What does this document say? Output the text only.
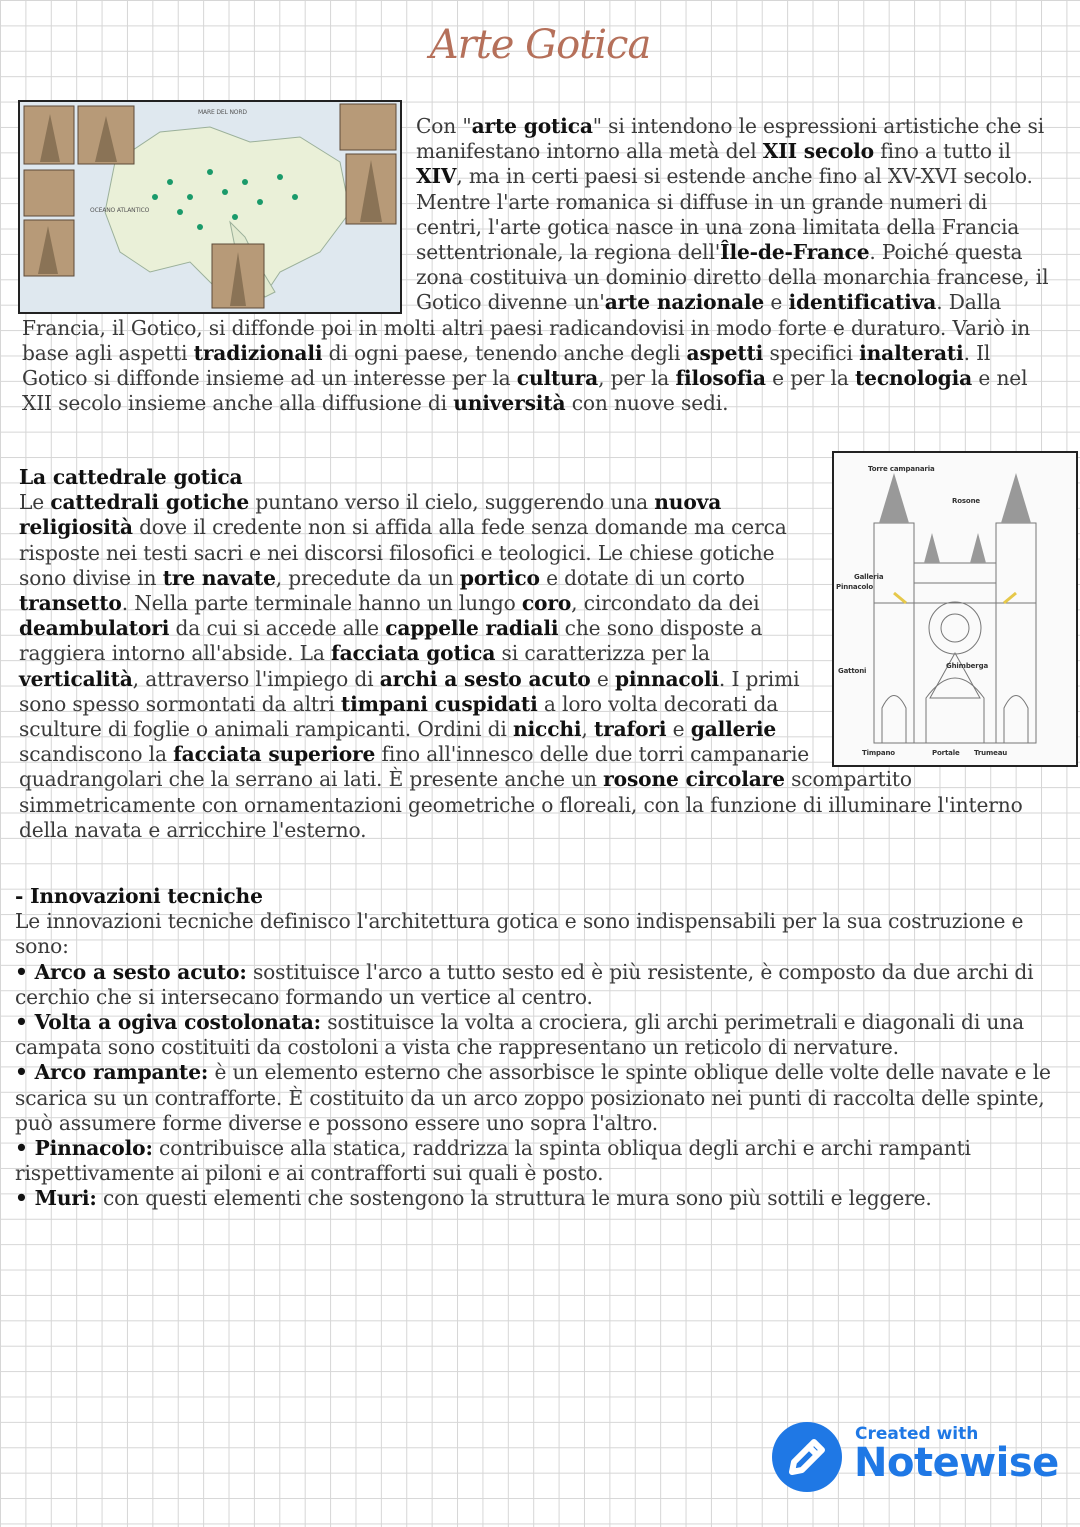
Arte Gotica
MARE DEL NORD
OCEANO ATLANTICO
Con "arte gotica" si intendono le espressioni artistiche che si manifestano intorno alla metà del XII secolo fino a tutto il XIV, ma in certi paesi si estende anche fino al XV-XVI secolo. Mentre l'arte romanica si diffuse in un grande numeri di centri, l'arte gotica nasce in una zona limitata della Francia settentrionale, la regiona dell'Île-de-France. Poiché questa zona costituiva un dominio diretto della monarchia francese, il Gotico divenne un'arte nazionale e identificativa. Dalla Francia, il Gotico, si diffonde poi in molti altri paesi radicandovisi in modo forte e duraturo. Variò in base agli aspetti tradizionali di ogni paese, tenendo anche degli aspetti specifici inalterati. Il Gotico si diffonde insieme ad un interesse per la cultura, per la filosofia e per la tecnologia e nel XII secolo insieme anche alla diffusione di università con nuove sedi.
Torre campanaria
Rosone
Galleria
Pinnacolo
Gattoni
Ghimberga
Timpano	Portale Trumeau
La cattedrale gotica
Le cattedrali gotiche puntano verso il cielo, suggerendo una nuova religiosità dove il credente non si affida alla fede senza domande ma cerca risposte nei testi sacri e nei discorsi filosofici e teologici. Le chiese gotiche sono divise in tre navate, precedute da un portico e dotate di un corto transetto. Nella parte terminale hanno un lungo coro, circondato da dei deambulatori da cui si accede alle cappelle radiali che sono disposte a raggiera intorno all'abside. La facciata gotica si caratterizza per la verticalità, attraverso l'impiego di archi a sesto acuto e pinnacoli. I primi sono spesso sormontati da altri timpani cuspidati a loro volta decorati da sculture di foglie o animali rampicanti. Ordini di nicchi, trafori e gallerie scandiscono la facciata superiore fino all'innesco delle due torri campanarie quadrangolari che la serrano ai lati. È presente anche un rosone circolare scompartito simmetricamente con ornamentazioni geometriche o floreali, con la funzione di illuminare l'interno della navata e arricchire l'esterno.
- Innovazioni tecniche
Le innovazioni tecniche definisco l'architettura gotica e sono indispensabili per la sua costruzione e sono:
• Arco a sesto acuto: sostituisce l'arco a tutto sesto ed è più resistente, è composto da due archi di cerchio che si intersecano formando un vertice al centro.
• Volta a ogiva costolonata: sostituisce la volta a crociera, gli archi perimetrali e diagonali di una campata sono costituiti da costoloni a vista che rappresentano un reticolo di nervature.
• Arco rampante: è un elemento esterno che assorbisce le spinte oblique delle volte delle navate e le scarica su un contrafforte. È costituito da un arco zoppo posizionato nei punti di raccolta delle spinte, può assumere forme diverse e possono essere uno sopra l'altro.
• Pinnacolo: contribuisce alla statica, raddrizza la spinta obliqua degli archi e archi rampanti rispettivamente ai piloni e ai contrafforti sui quali è posto.
• Muri: con questi elementi che sostengono la struttura le mura sono più sottili e leggere.
Created with
Notewise
